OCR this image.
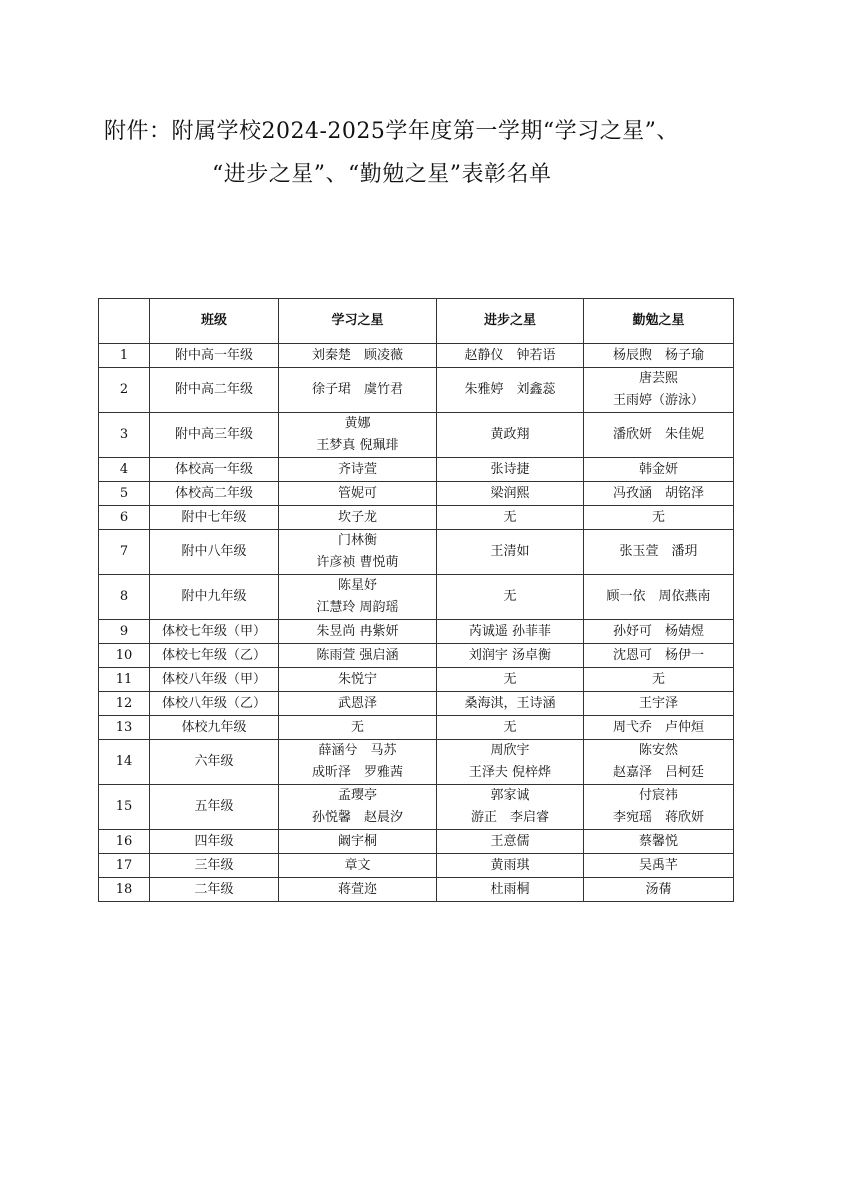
附件：附属学校2024-2025学年度第一学期“学习之星”、
“进步之星”、“勤勉之星”表彰名单
	班级	学习之星	进步之星	勤勉之星
1	附中高一年级	刘秦楚　顾凌薇	赵静仪　钟若语	杨辰煦　杨子瑜

2	附中高二年级	徐子珺　虞竹君	朱雅婷　刘鑫蕊	唐芸熙
王雨婷（游泳）

3	附中高三年级	黄娜
王梦真 倪珮琲	黄政翔	潘欣妍　朱佳妮

4	体校高一年级	齐诗萱	张诗捷	韩金妍

5	体校高二年级	管妮可	梁润熙	冯孜涵　胡铭泽

6	附中七年级	坎子龙	无	无

7	附中八年级	门林衡
许彦祯 曹悦萌	王清如	张玉萱　潘玥

8	附中九年级	陈星妤
江慧玲 周韵瑶	无	顾一依　周依燕南

9	体校七年级（甲）	朱昱尚 冉紫妍	芮诚遥 孙菲菲	孙妤可　杨婧煜

10	体校七年级（乙）	陈雨萱 强启涵	刘润宇 汤卓衡	沈恩可　杨伊一

11	体校八年级（甲）	朱悦宁	无	无

12	体校八年级（乙）	武恩泽	桑海淇，王诗涵	王宇泽

13	体校九年级	无	无	周弋乔　卢仲烜

14	六年级	薛涵兮　马苏
成昕泽　罗雅茜	周欣宇
王泽夫 倪梓烨	陈安然
赵嘉泽　吕柯廷

15	五年级	孟璎亭
孙悦馨　赵晨汐	郭家诚
游正　李启睿	付宸祎
李宛瑶　蒋欣妍

16	四年级	阚宇桐	王意儒	蔡馨悦

17	三年级	章文	黄雨琪	吴禹芊

18	二年级	蒋萱迩	杜雨桐	汤蒨
